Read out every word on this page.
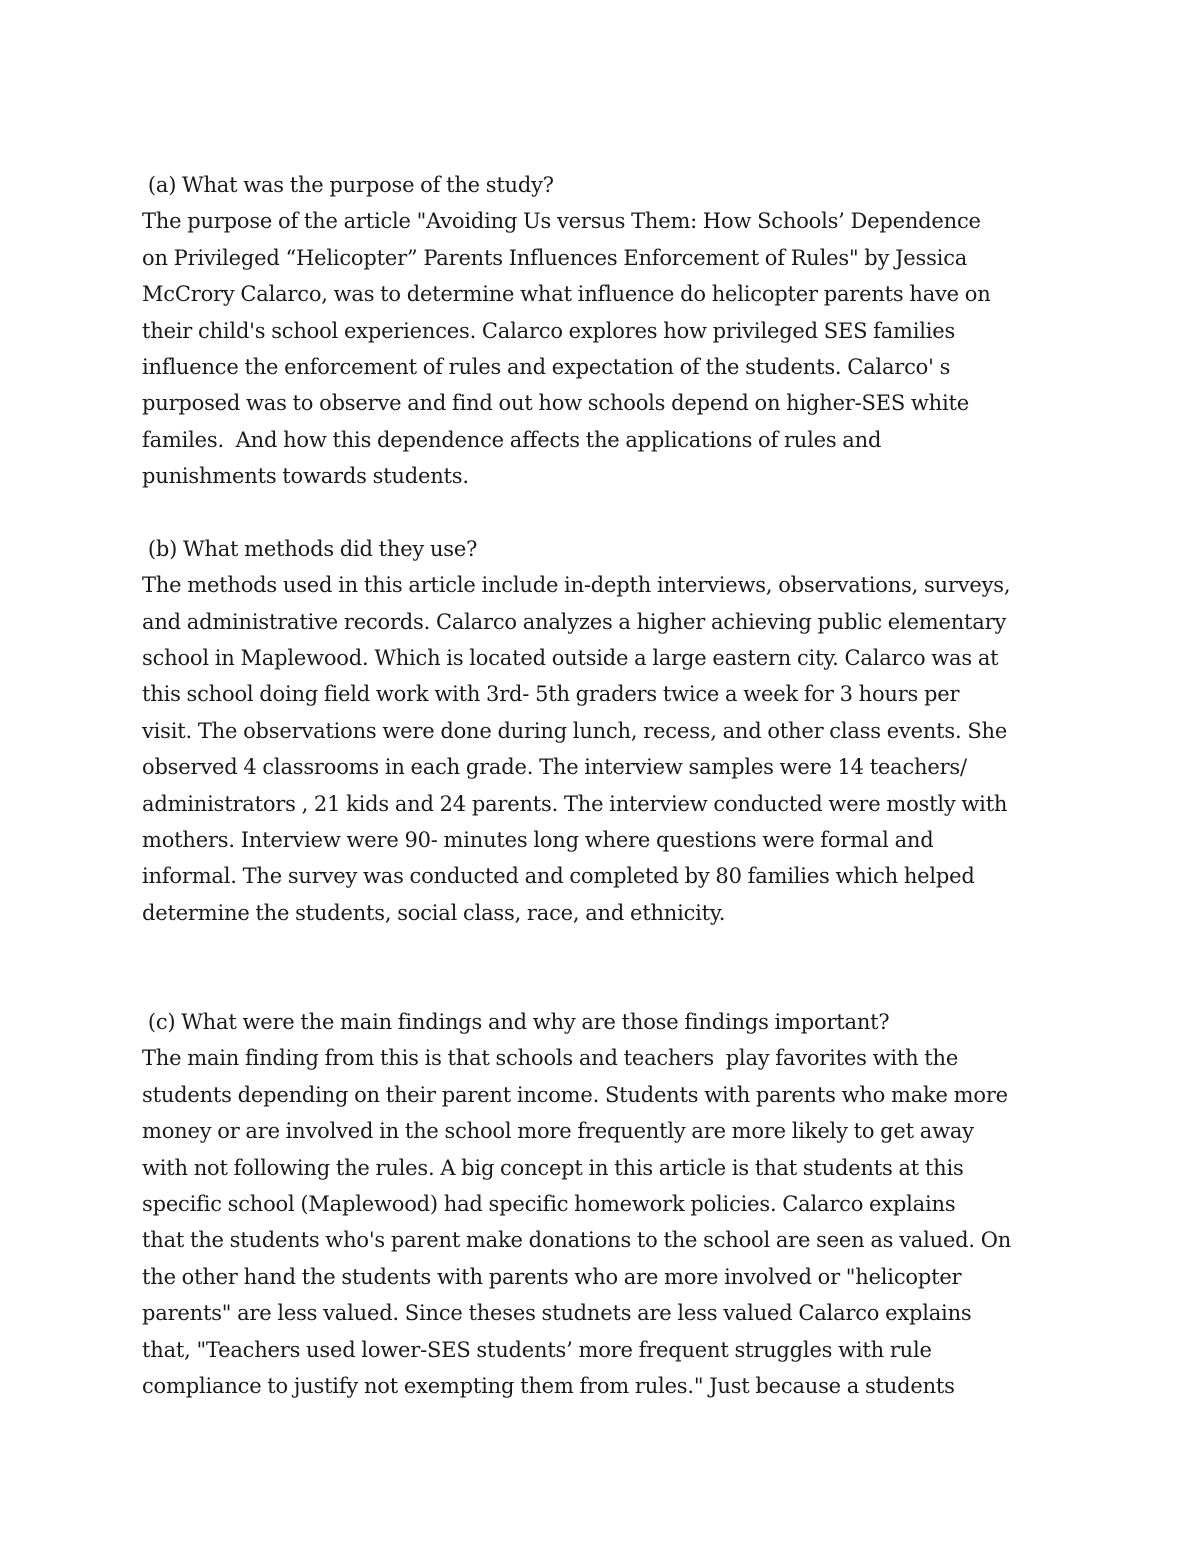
(a) What was the purpose of the study?
The purpose of the article "Avoiding Us versus Them: How Schools’ Dependence
on Privileged “Helicopter” Parents Influences Enforcement of Rules" by Jessica
McCrory Calarco, was to determine what influence do helicopter parents have on
their child's school experiences. Calarco explores how privileged SES families
influence the enforcement of rules and expectation of the students. Calarco' s
purposed was to observe and find out how schools depend on higher-SES white
familes.  And how this dependence affects the applications of rules and
punishments towards students.
(b) What methods did they use?
The methods used in this article include in-depth interviews, observations, surveys,
and administrative records. Calarco analyzes a higher achieving public elementary
school in Maplewood. Which is located outside a large eastern city. Calarco was at
this school doing field work with 3rd- 5th graders twice a week for 3 hours per
visit. The observations were done during lunch, recess, and other class events. She
observed 4 classrooms in each grade. The interview samples were 14 teachers/
administrators , 21 kids and 24 parents. The interview conducted were mostly with
mothers. Interview were 90- minutes long where questions were formal and
informal. The survey was conducted and completed by 80 families which helped
determine the students, social class, race, and ethnicity.
(c) What were the main findings and why are those findings important?
The main finding from this is that schools and teachers  play favorites with the
students depending on their parent income. Students with parents who make more
money or are involved in the school more frequently are more likely to get away
with not following the rules. A big concept in this article is that students at this
specific school (Maplewood) had specific homework policies. Calarco explains
that the students who's parent make donations to the school are seen as valued. On
the other hand the students with parents who are more involved or "helicopter
parents" are less valued. Since theses studnets are less valued Calarco explains
that, "Teachers used lower-SES students’ more frequent struggles with rule
compliance to justify not exempting them from rules." Just because a students
